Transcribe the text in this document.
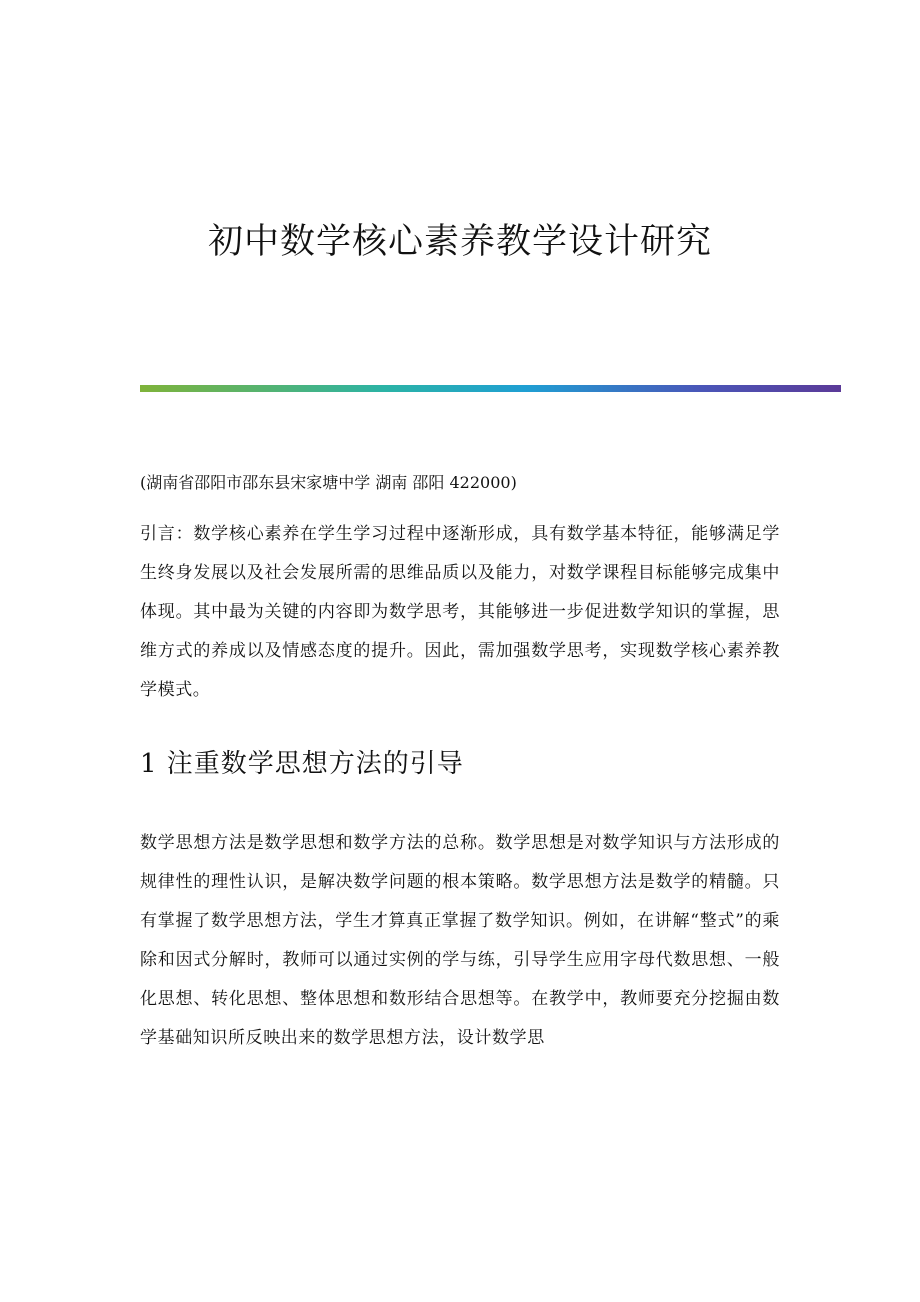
初中数学核心素养教学设计研究

(湖南省邵阳市邵东县宋家塘中学 湖南 邵阳 422000)

引言：数学核心素养在学生学习过程中逐渐形成，具有数学基本特征，能够满足学生终身发展以及社会发展所需的思维品质以及能力，对数学课程目标能够完成集中体现。其中最为关键的内容即为数学思考，其能够进一步促进数学知识的掌握，思维方式的养成以及情感态度的提升。因此，需加强数学思考，实现数学核心素养教学模式。

1 注重数学思想方法的引导

数学思想方法是数学思想和数学方法的总称。数学思想是对数学知识与方法形成的规律性的理性认识，是解决数学问题的根本策略。数学思想方法是数学的精髓。只有掌握了数学思想方法，学生才算真正掌握了数学知识。例如，在讲解“整式”的乘除和因式分解时，教师可以通过实例的学与练，引导学生应用字母代数思想、一般化思想、转化思想、整体思想和数形结合思想等。在教学中，教师要充分挖掘由数学基础知识所反映出来的数学思想方法，设计数学思
